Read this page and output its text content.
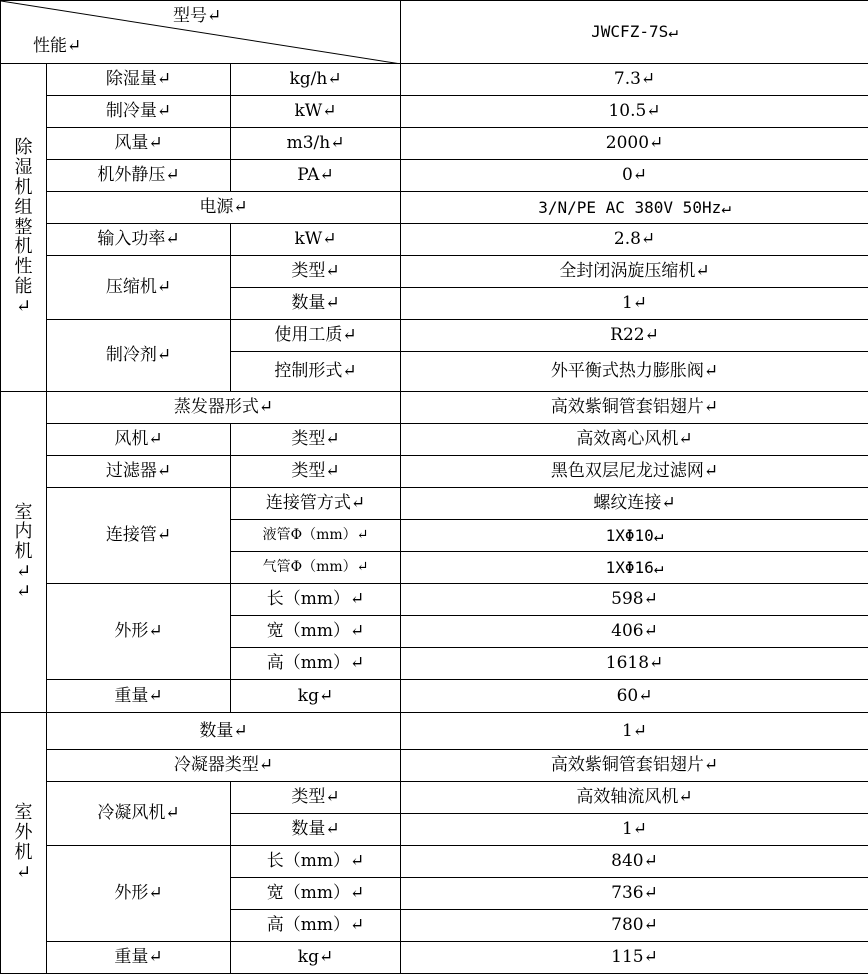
型号↵
性能↵			JWCFZ-7S↵
除湿机组整机性能↵	除湿量↵	kg/h↵	7.3↵
	制冷量↵	kW↵	10.5↵
	风量↵	m3/h↵	2000↵
	机外静压↵	PA↵	0↵
	电源↵		3/N/PE AC 380V 50Hz↵
	输入功率↵	kW↵	2.8↵
	压缩机↵	类型↵	全封闭涡旋压缩机↵
		数量↵	1↵
	制冷剂↵	使用工质↵	R22↵
		控制形式↵	外平衡式热力膨胀阀↵
室内机↵↵	蒸发器形式↵		高效紫铜管套铝翅片↵
	风机↵	类型↵	高效离心风机↵
	过滤器↵	类型↵	黑色双层尼龙过滤网↵
	连接管↵	连接管方式↵	螺纹连接↵
		液管Φ（mm）↵	1XΦ10↵
		气管Φ（mm）↵	1XΦ16↵
	外形↵	长（mm）↵	598↵
		宽（mm）↵	406↵
		高（mm）↵	1618↵
	重量↵	kg↵	60↵
室外机↵	数量↵		1↵
	冷凝器类型↵		高效紫铜管套铝翅片↵
	冷凝风机↵	类型↵	高效轴流风机↵
		数量↵	1↵
	外形↵	长（mm）↵	840↵
		宽（mm）↵	736↵
		高（mm）↵	780↵
	重量↵	kg↵	115↵
